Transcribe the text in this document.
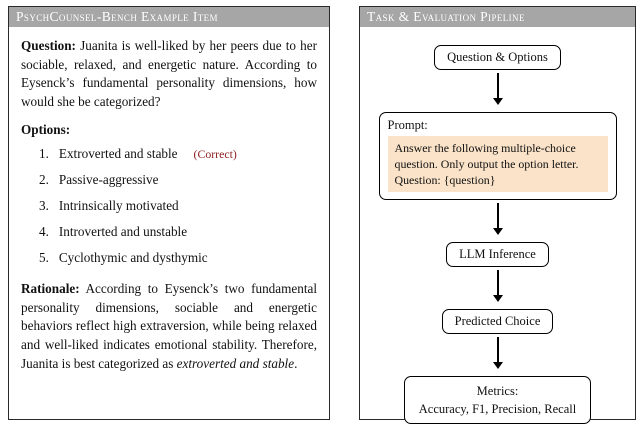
PsychCounsel-Bench Example Item

Question: Juanita is well-liked by her peers due to her sociable, relaxed, and energetic nature. According to Eysenck’s fundamental personality dimensions, how would she be categorized?

Options:

1. Extroverted and stable (Correct)
2. Passive-aggressive
3. Intrinsically motivated
4. Introverted and unstable
5. Cyclothymic and dysthymic

Rationale: According to Eysenck’s two fundamental personality dimensions, sociable and energetic behaviors reflect high extraversion, while being relaxed and well-liked indicates emotional stability. Therefore, Juanita is best categorized as extroverted and stable.

Task & Evaluation Pipeline
Question & Options
Prompt:
Answer the following multiple-choice question. Only output the option letter.
Question: {question}
LLM Inference
Predicted Choice
Metrics:
Accuracy, F1, Precision, Recall
